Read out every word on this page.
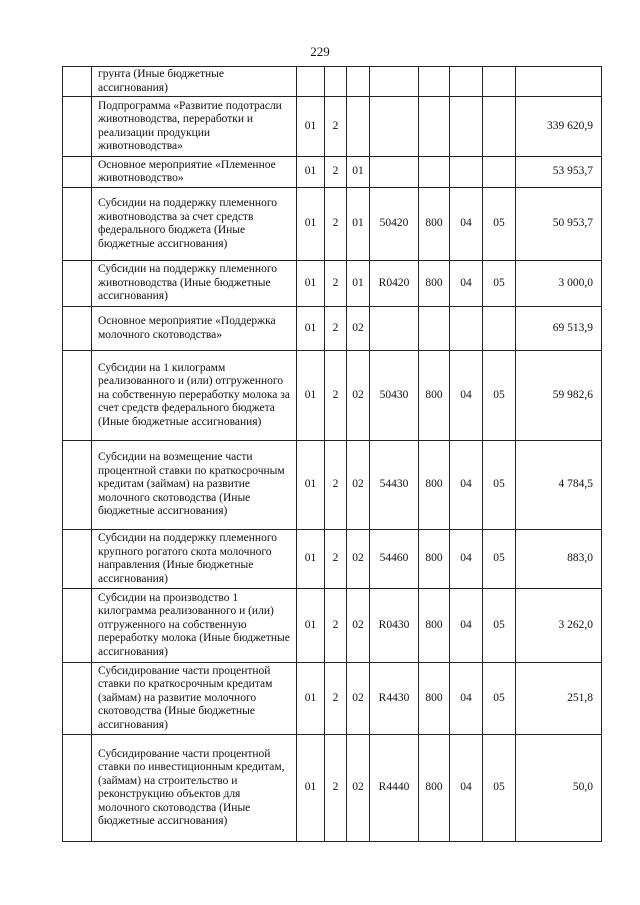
229
	грунта (Иные бюджетные ассигнования)								
	Подпрограмма «Развитие подотрасли животноводства, переработки и реализации продукции животноводства»	01	2						339 620,9
	Основное мероприятие «Племенное животноводство»	01	2	01					53 953,7
	Субсидии на поддержку племенного животноводства за счет средств федерального бюджета (Иные бюджетные ассигнования)	01	2	01	50420	800	04	05	50 953,7
	Субсидии на поддержку племенного животноводства (Иные бюджетные ассигнования)	01	2	01	R0420	800	04	05	3 000,0
	Основное мероприятие «Поддержка молочного скотоводства»	01	2	02					69 513,9
	Субсидии на 1 килограмм реализованного и (или) отгруженного на собственную переработку молока за счет средств федерального бюджета (Иные бюджетные ассигнования)	01	2	02	50430	800	04	05	59 982,6
	Субсидии на возмещение части процентной ставки по краткосрочным кредитам (займам) на развитие молочного скотоводства (Иные бюджетные ассигнования)	01	2	02	54430	800	04	05	4 784,5
	Субсидии на поддержку племенного крупного рогатого скота молочного направления (Иные бюджетные ассигнования)	01	2	02	54460	800	04	05	883,0
	Субсидии на производство 1 килограмма реализованного и (или) отгруженного на собственную переработку молока (Иные бюджетные ассигнования)	01	2	02	R0430	800	04	05	3 262,0
	Субсидирование части процентной ставки по краткосрочным кредитам (займам) на развитие молочного скотоводства (Иные бюджетные ассигнования)	01	2	02	R4430	800	04	05	251,8
	Субсидирование части процентной ставки по инвестиционным кредитам, (займам) на строительство и реконструкцию объектов для молочного скотоводства (Иные бюджетные ассигнования)	01	2	02	R4440	800	04	05	50,0
